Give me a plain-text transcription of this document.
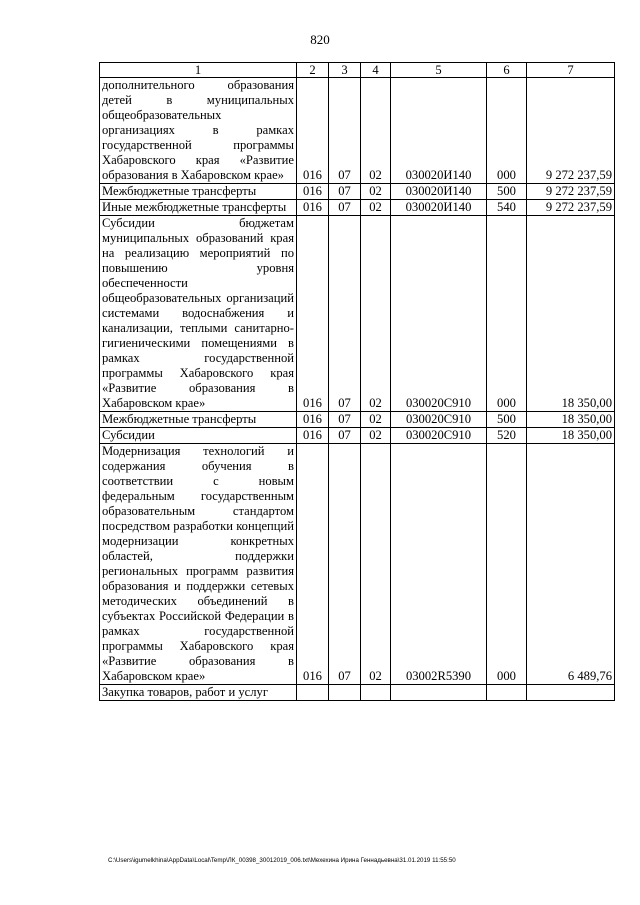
820
1	2	3	4	5	6	7
дополнительного образования детей в муниципальных общеобразовательных организациях в рамках государственной программы Хабаровского края «Развитие образования в Хабаровском крае»	016	07	02	030020И140	000	9 272 237,59
Межбюджетные трансферты	016	07	02	030020И140	500	9 272 237,59
Иные межбюджетные трансферты	016	07	02	030020И140	540	9 272 237,59
Субсидии бюджетам муниципальных образований края на реализацию мероприятий по повышению уровня обеспеченности общеобразовательных организаций системами водоснабжения и канализации, теплыми санитарно-гигиеническими помещениями в рамках государственной программы Хабаровского края «Развитие образования в Хабаровском крае»	016	07	02	030020С910	000	18 350,00
Межбюджетные трансферты	016	07	02	030020С910	500	18 350,00
Субсидии	016	07	02	030020С910	520	18 350,00
Модернизация технологий и содержания обучения в соответствии с новым федеральным государственным образовательным стандартом посредством разработки концепций модернизации конкретных областей, поддержки региональных программ развития образования и поддержки сетевых методических объединений в субъектах Российской Федерации в рамках государственной программы Хабаровского края «Развитие образования в Хабаровском крае»	016	07	02	03002R5390	000	6 489,76
Закупка товаров, работ и услуг						
C:\Users\igumelkhina\AppData\Local\Temp\ЛК_00398_30012019_006.txt\Мехехина Ирина Геннадьевна\31.01.2019 11:55:50
